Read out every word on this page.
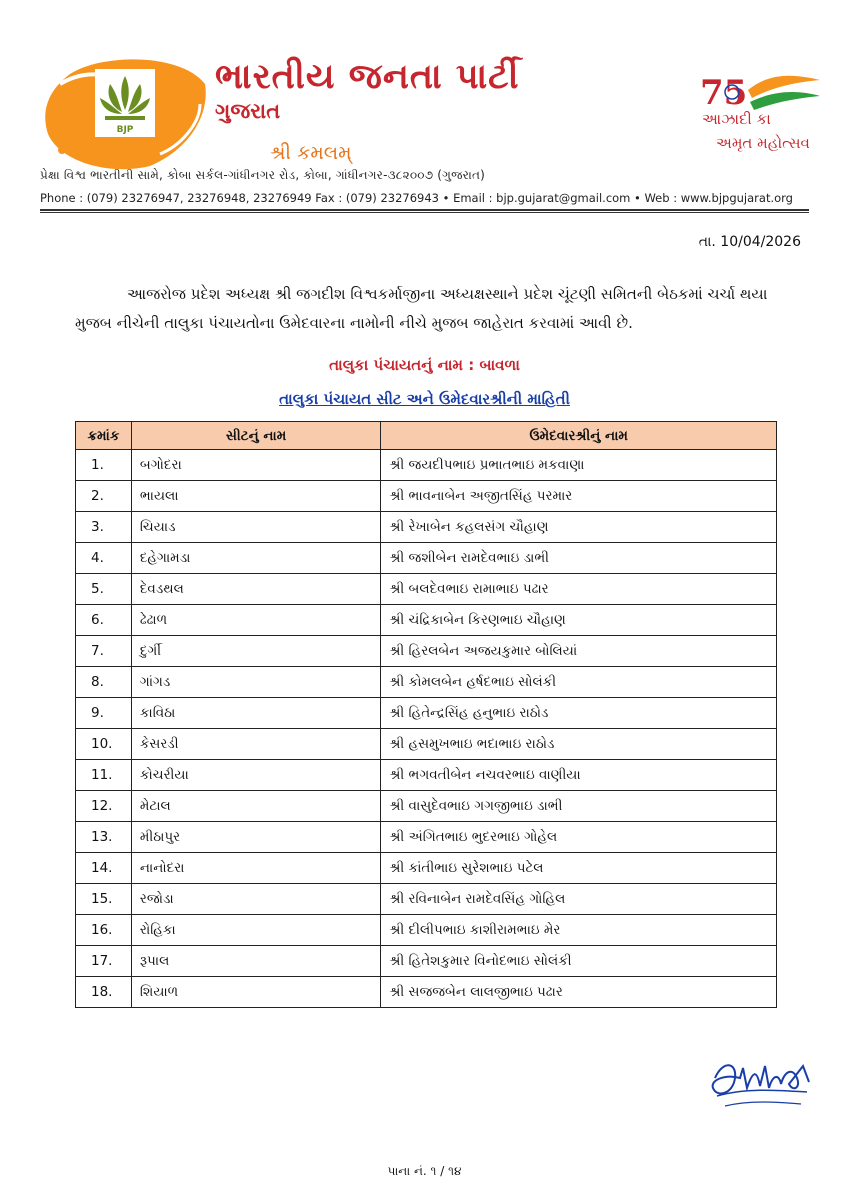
BJP
ભારતીય જનતા પાર્ટી
ગુજરાત
શ્રી કમલમ્
75
આઝાદી કા
અમૃત મહોત્સવ
પ્રેક્ષા વિશ્વ ભારતીની સામે, કોબા સર્કલ-ગાંધીનગર રોડ, કોબા, ગાંધીનગર-૩૮૨૦૦૭ (ગુજરાત)
Phone : (079) 23276947, 23276948, 23276949 Fax : (079) 23276943 • Email : bjp.gujarat@gmail.com • Web : www.bjpgujarat.org
તા. 10/04/2026
આજરોજ પ્રદેશ અધ્યક્ષ શ્રી જગદીશ વિશ્વકર્માજીના અધ્યક્ષસ્થાને પ્રદેશ ચૂંટણી સમિતની બેઠકમાં ચર્ચા થયા મુજબ નીચેની તાલુકા પંચાયતોના ઉમેદવારના નામોની નીચે મુજબ જાહેરાત કરવામાં આવી છે.
તાલુકા પંચાયતનું નામ : બાવળા
તાલુકા પંચાયત સીટ અને ઉમેદવારશ્રીની માહિતી
ક્રમાંક	સીટનું નામ	ઉમેદવારશ્રીનું નામ
1.	બગોદરા	શ્રી જયદીપભાઇ પ્રભાતભાઇ મકવાણા
2.	ભાયલા	શ્રી ભાવનાબેન અજીતસિંહ પરમાર
3.	ચિયાડ	શ્રી રેખાબેન કહલસંગ ચૌહાણ
4.	દહેગામડા	શ્રી જશીબેન રામદેવભાઇ ડાભી
5.	દેવડથલ	શ્રી બલદેવભાઇ રામાભાઇ પઢાર
6.	ઢેઢાળ	શ્રી ચંદ્રિકાબેન કિરણભાઇ ચૌહાણ
7.	દુર્ગી	શ્રી હિરલબેન અજયકુમાર બોલિયાં
8.	ગાંગડ	શ્રી કોમલબેન હર્ષદભાઇ સોલંકી
9.	કાવિઠા	શ્રી હિતેન્દ્રસિંહ હનુભાઇ રાઠોડ
10.	કેસરડી	શ્રી હસમુખભાઇ ભદાભાઇ રાઠોડ
11.	કોચરીયા	શ્રી ભગવતીબેન નચવરભાઇ વાણીયા
12.	મેટાલ	શ્રી વાસુદેવભાઇ ગગજીભાઇ ડાભી
13.	મીઠાપુર	શ્રી અંગિતભાઇ ભુદરભાઇ ગોહેલ
14.	નાનોદરા	શ્રી કાંતીભાઇ સુરેશભાઇ પટેલ
15.	રજોડા	શ્રી રવિનાબેન રામદેવસિંહ ગોહિલ
16.	રોહિકા	શ્રી દીલીપભાઇ કાશીરામભાઇ મેર
17.	રૂપાલ	શ્રી હિતેશકુમાર વિનોદભાઇ સોલંકી
18.	શિયાળ	શ્રી સજજબેન લાલજીભાઇ પઢાર
પાના નં. ૧ / ૧૪
